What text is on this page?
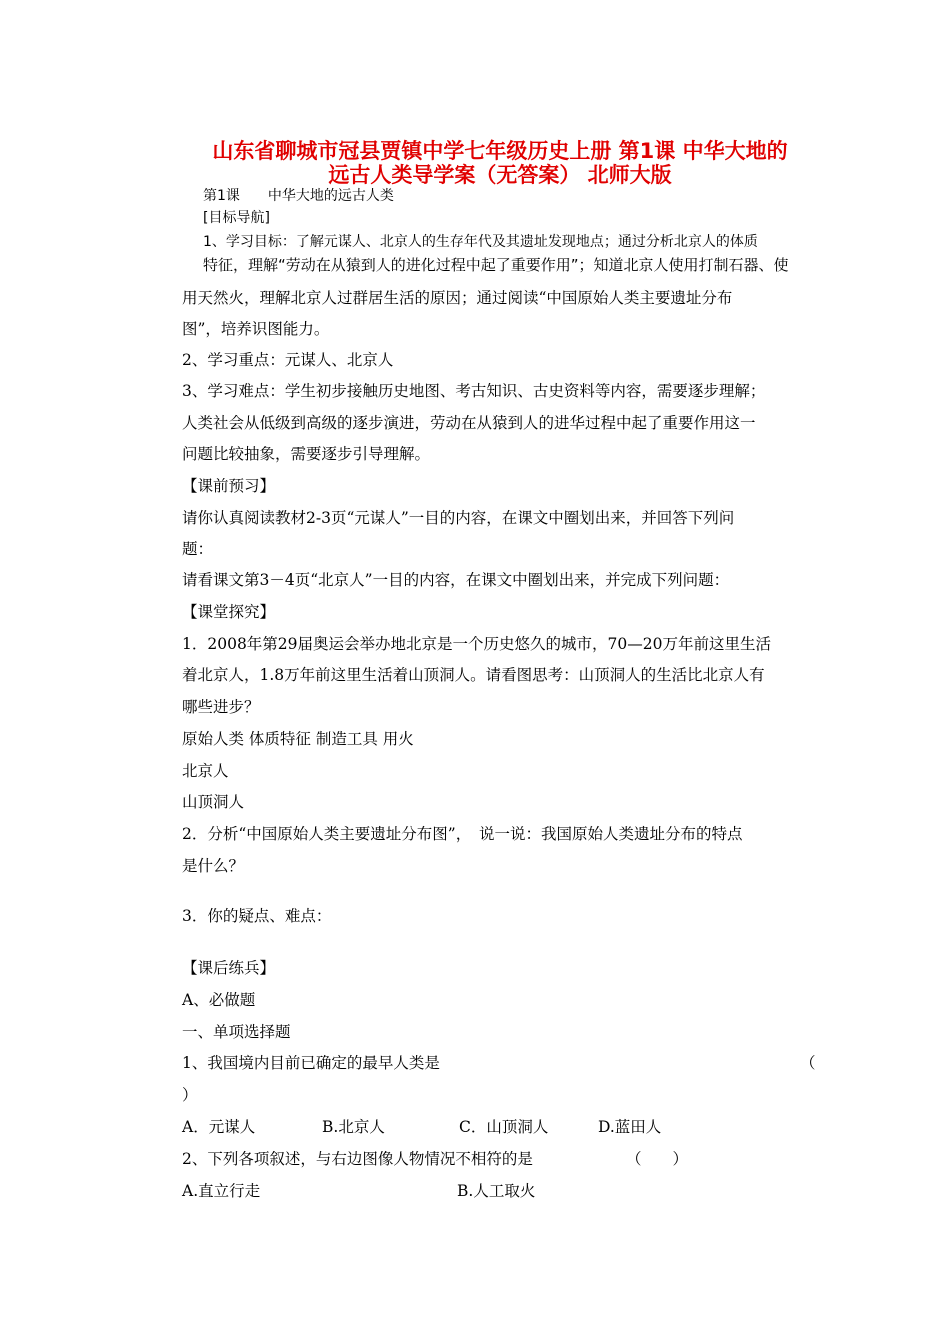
山东省聊城市冠县贾镇中学七年级历史上册 第1课 中华大地的
远古人类导学案（无答案） 北师大版
第1课　　中华大地的远古人类
[目标导航]
1、学习目标：了解元谋人、北京人的生存年代及其遗址发现地点；通过分析北京人的体质
特征，理解“劳动在从猿到人的进化过程中起了重要作用”；知道北京人使用打制石器、使
用天然火，理解北京人过群居生活的原因；通过阅读“中国原始人类主要遗址分布
图”，培养识图能力。
2、学习重点：元谋人、北京人
3、学习难点：学生初步接触历史地图、考古知识、古史资料等内容，需要逐步理解；
人类社会从低级到高级的逐步演进，劳动在从猿到人的进华过程中起了重要作用这一
问题比较抽象，需要逐步引导理解。
【课前预习】
请你认真阅读教材2-3页“元谋人”一目的内容，在课文中圈划出来，并回答下列问
题：
请看课文第3－4页“北京人”一目的内容，在课文中圈划出来，并完成下列问题：
【课堂探究】
1．2008年第29届奥运会举办地北京是一个历史悠久的城市，70—20万年前这里生活
着北京人，1.8万年前这里生活着山顶洞人。请看图思考：山顶洞人的生活比北京人有
哪些进步？
原始人类 体质特征 制造工具 用火
北京人
山顶洞人
2．分析“中国原始人类主要遗址分布图”，　说一说：我国原始人类遗址分布的特点
是什么？
3．你的疑点、难点：
【课后练兵】
A、必做题
一、单项选择题
1、我国境内目前已确定的最早人类是	（
）
A．元谋人	B.北京人	C．山顶洞人	D.蓝田人
2、下列各项叙述，与右边图像人物情况不相符的是	（　　）
A.直立行走	B.人工取火
